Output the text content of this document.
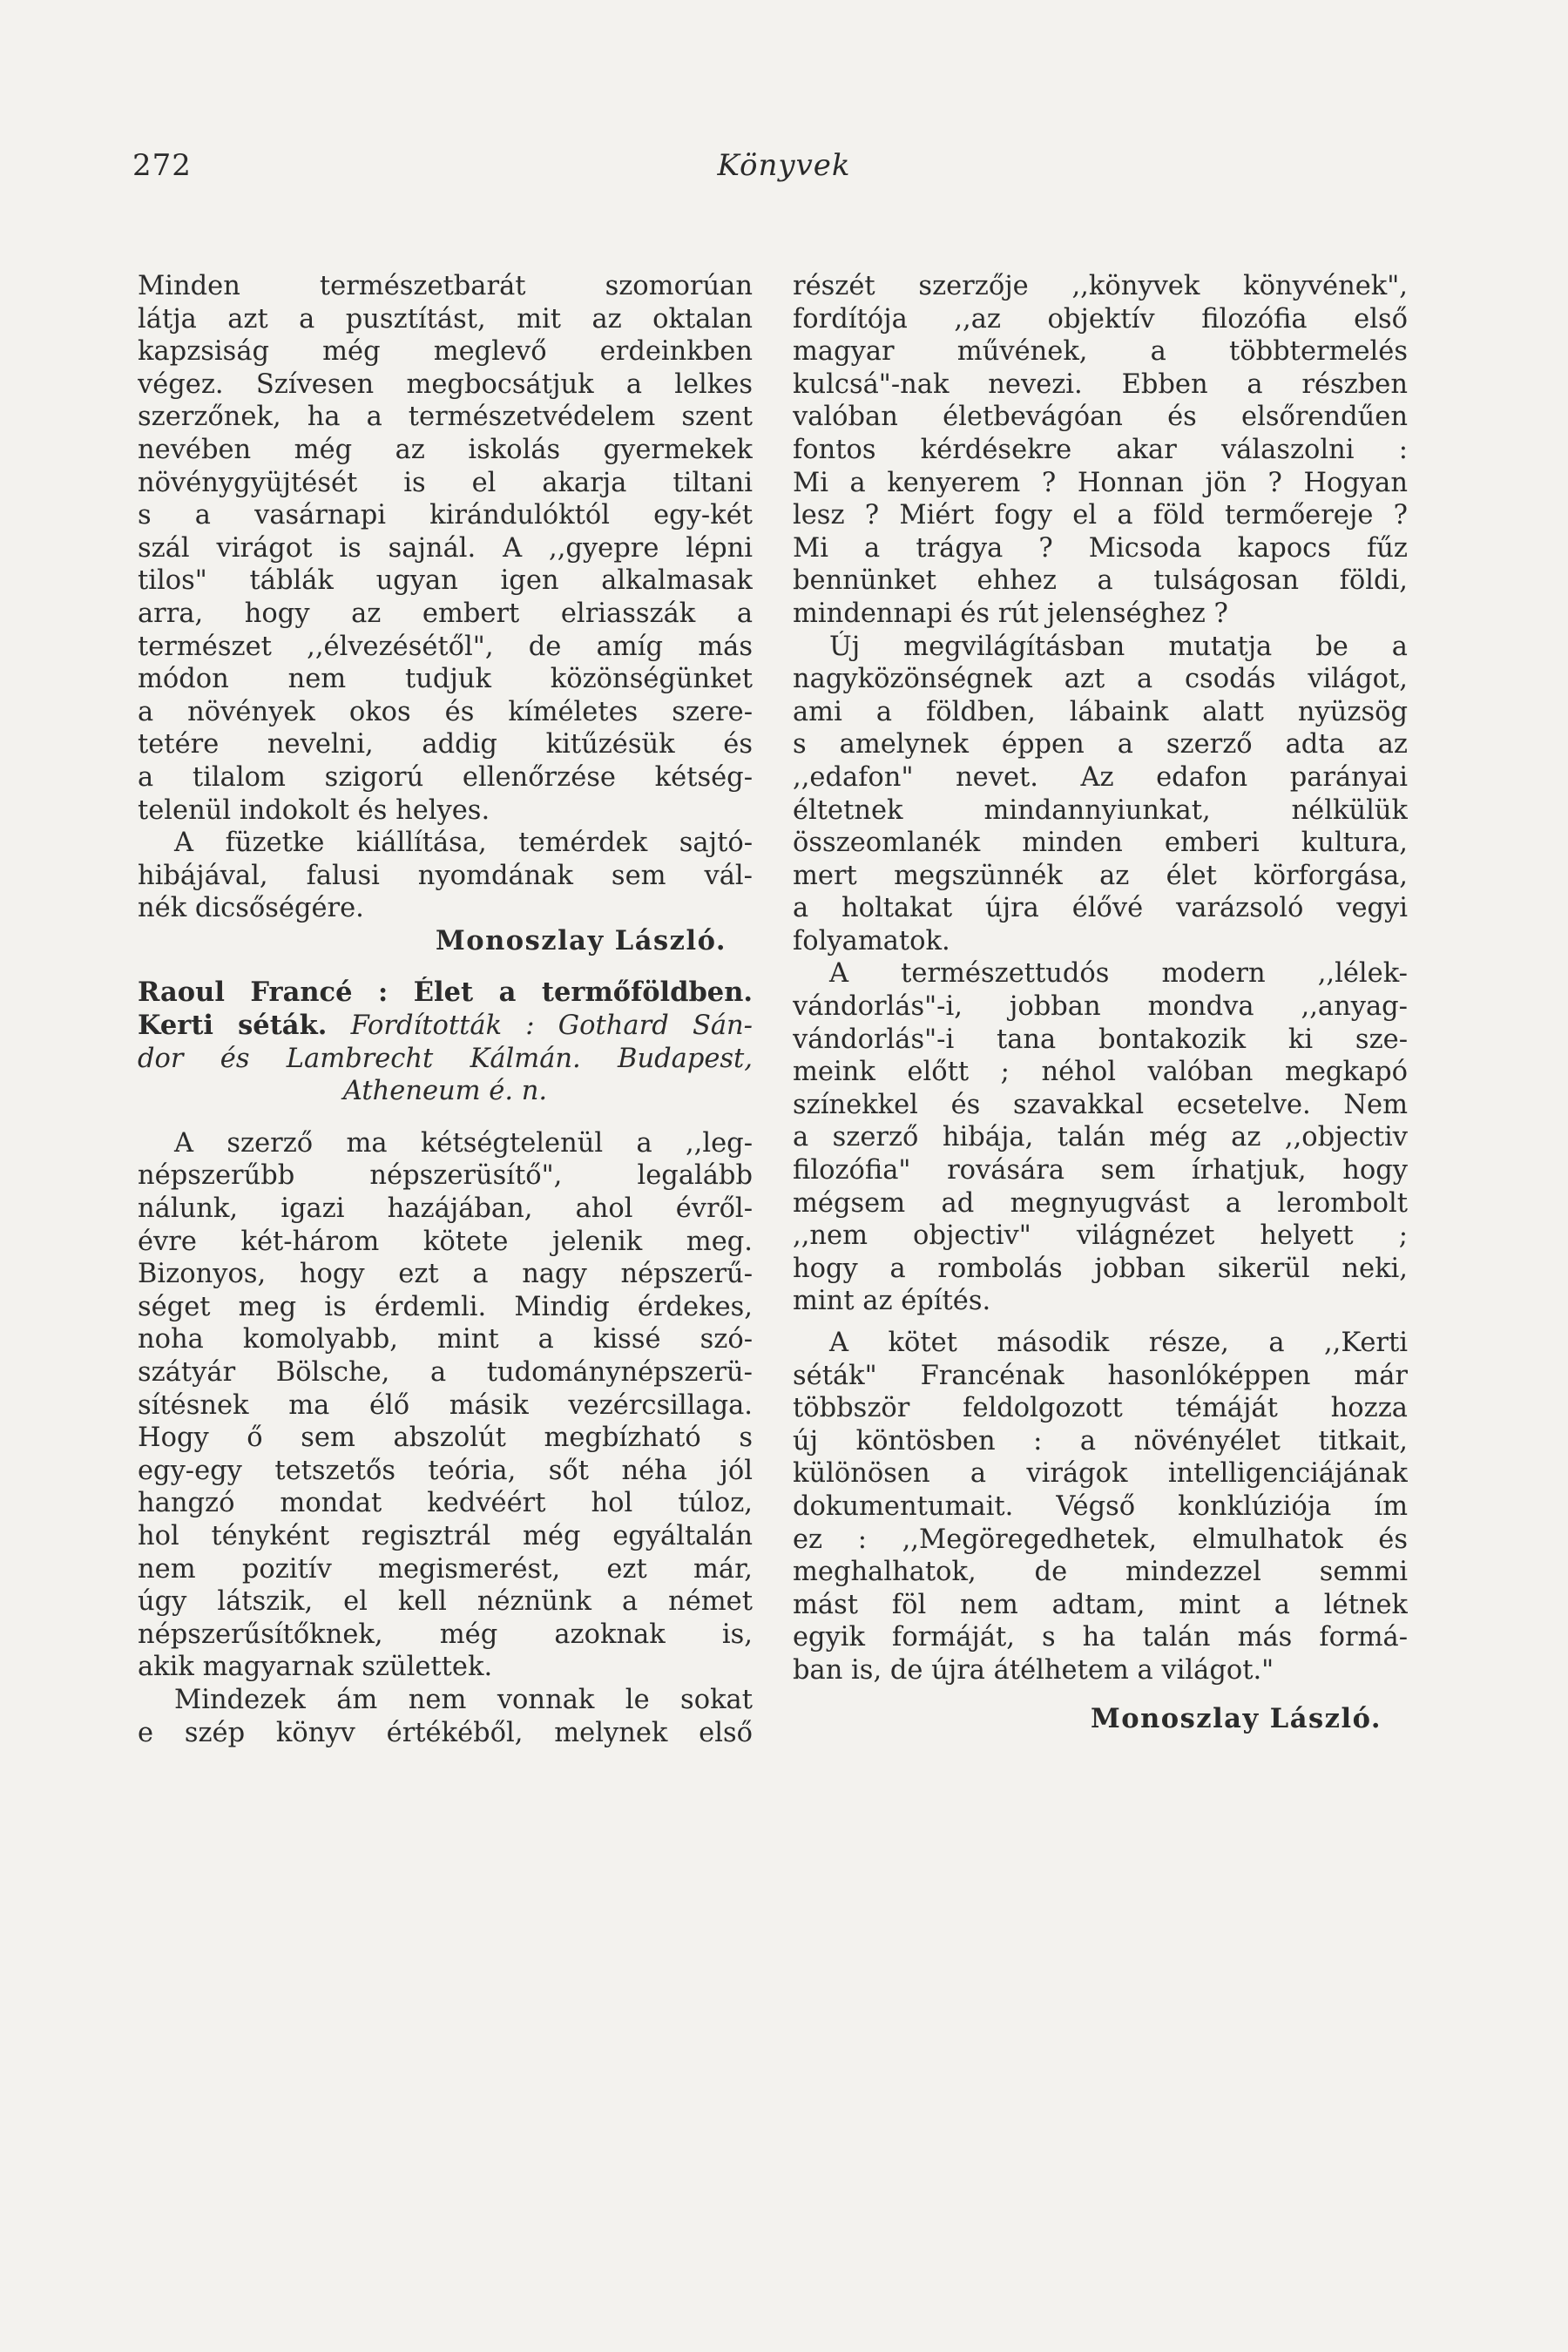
272	Könyvek
Minden természetbarát szomorúan
látja azt a pusztítást, mit az oktalan
kapzsiság még meglevő erdeinkben
végez. Szívesen megbocsátjuk a lelkes
szerzőnek, ha a természetvédelem szent
nevében még az iskolás gyermekek
növénygyüjtését is el akarja tiltani
s a vasárnapi kirándulóktól egy-két
szál virágot is sajnál. A ,,gyepre lépni
tilos" táblák ugyan igen alkalmasak
arra, hogy az embert elriasszák a
természet ,,élvezésétől", de amíg más
módon nem tudjuk közönségünket
a növények okos és kíméletes szere-
tetére nevelni, addig kitűzésük és
a tilalom szigorú ellenőrzése kétség-
telenül indokolt és helyes.
A füzetke kiállítása, temérdek sajtó-
hibájával, falusi nyomdának sem vál-
nék dicsőségére.
Monoszlay László.
Raoul Francé : Élet a termőföldben.
Kerti séták. Fordították : Gothard Sán-
dor és Lambrecht Kálmán. Budapest,
Atheneum é. n.
A szerző ma kétségtelenül a ,,leg-
népszerűbb népszerüsítő", legalább
nálunk, igazi hazájában, ahol évről-
évre két-három kötete jelenik meg.
Bizonyos, hogy ezt a nagy népszerű-
séget meg is érdemli. Mindig érdekes,
noha komolyabb, mint a kissé szó-
szátyár Bölsche, a tudománynépszerü-
sítésnek ma élő másik vezércsillaga.
Hogy ő sem abszolút megbízható s
egy-egy tetszetős teória, sőt néha jól
hangzó mondat kedvéért hol túloz,
hol tényként regisztrál még egyáltalán
nem pozitív megismerést, ezt már,
úgy látszik, el kell néznünk a német
népszerűsítőknek, még azoknak is,
akik magyarnak születtek.
Mindezek ám nem vonnak le sokat
e szép könyv értékéből, melynek első
részét szerzője ,,könyvek könyvének",
fordítója ,,az objektív filozófia első
magyar művének, a többtermelés
kulcsá"-nak nevezi. Ebben a részben
valóban életbevágóan és elsőrendűen
fontos kérdésekre akar válaszolni :
Mi a kenyerem ? Honnan jön ? Hogyan
lesz ? Miért fogy el a föld termőereje ?
Mi a trágya ? Micsoda kapocs fűz
bennünket ehhez a tulságosan földi,
mindennapi és rút jelenséghez ?
Új megvilágításban mutatja be a
nagyközönségnek azt a csodás világot,
ami a földben, lábaink alatt nyüzsög
s amelynek éppen a szerző adta az
,,edafon" nevet. Az edafon parányai
éltetnek mindannyiunkat, nélkülük
összeomlanék minden emberi kultura,
mert megszünnék az élet körforgása,
a holtakat újra élővé varázsoló vegyi
folyamatok.
A természettudós modern ,,lélek-
vándorlás"-i, jobban mondva ,,anyag-
vándorlás"-i tana bontakozik ki sze-
meink előtt ; néhol valóban megkapó
színekkel és szavakkal ecsetelve. Nem
a szerző hibája, talán még az ,,objectiv
filozófia" rovására sem írhatjuk, hogy
mégsem ad megnyugvást a lerombolt
,,nem objectiv" világnézet helyett ;
hogy a rombolás jobban sikerül neki,
mint az építés.
A kötet második része, a ,,Kerti
séták" Francénak hasonlóképpen már
többször feldolgozott témáját hozza
új köntösben : a növényélet titkait,
különösen a virágok intelligenciájának
dokumentumait. Végső konklúziója ím
ez : ,,Megöregedhetek, elmulhatok és
meghalhatok, de mindezzel semmi
mást föl nem adtam, mint a létnek
egyik formáját, s ha talán más formá-
ban is, de újra átélhetem a világot."
Monoszlay László.
